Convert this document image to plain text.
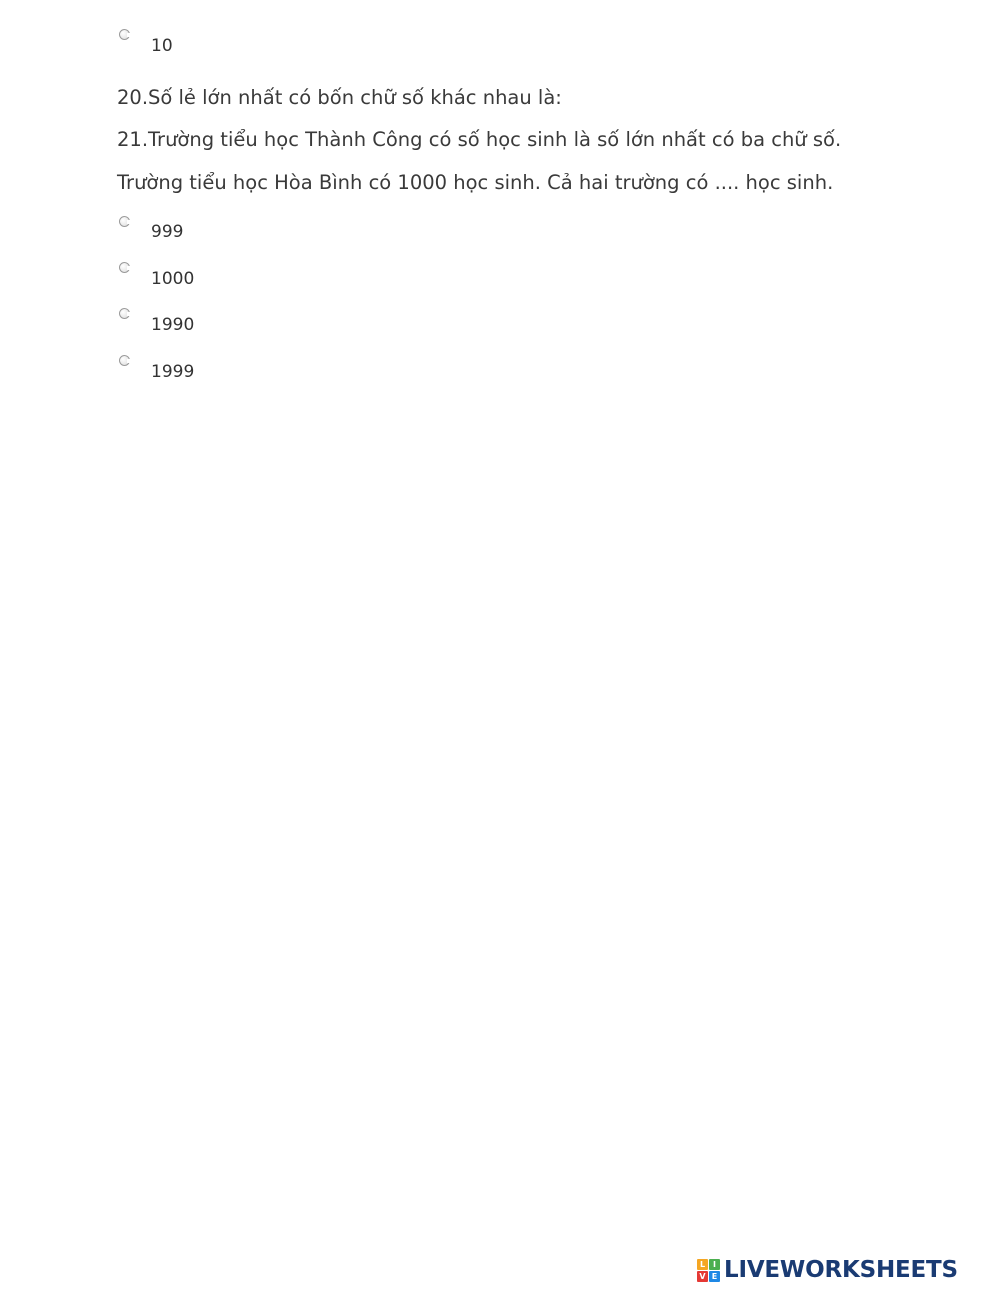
10
20.Số lẻ lớn nhất có bốn chữ số khác nhau là:
21.Trường tiểu học Thành Công có số học sinh là số lớn nhất có ba chữ số.
Trường tiểu học Hòa Bình có 1000 học sinh. Cả hai trường có .... học sinh.
999
1000
1990
1999
L I
V E LIVEWORKSHEETS
